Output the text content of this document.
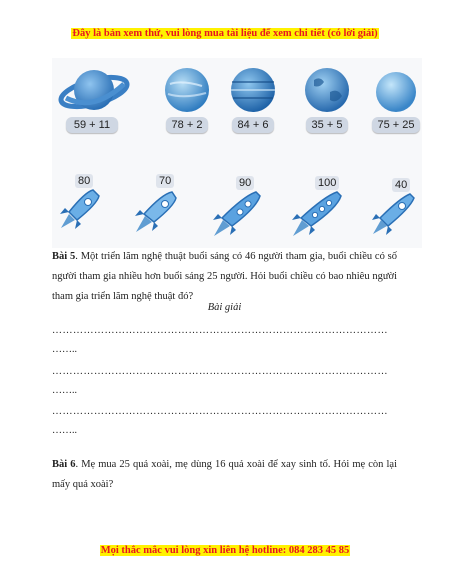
Đây là bản xem thử, vui lòng mua tài liệu để xem chi tiết (có lời giải)
59 + 11	78 + 2	84 + 6	35 + 5	75 + 25
80	70	90	100	40
Bài 5. Một triển lãm nghệ thuật buổi sáng có 46 người tham gia, buổi chiều có số người tham gia nhiều hơn buổi sáng 25 người. Hỏi buổi chiều có bao nhiêu người tham gia triển lãm nghệ thuật đó?
Bài giải
……………………………………………………………………………………
……..
……………………………………………………………………………………
……..
……………………………………………………………………………………
……..
Bài 6. Mẹ mua 25 quả xoài, mẹ dùng 16 quả xoài để xay sinh tố. Hỏi mẹ còn lại mấy quả xoài?
Mọi thắc mắc vui lòng xin liên hệ hotline: 084 283 45 85
